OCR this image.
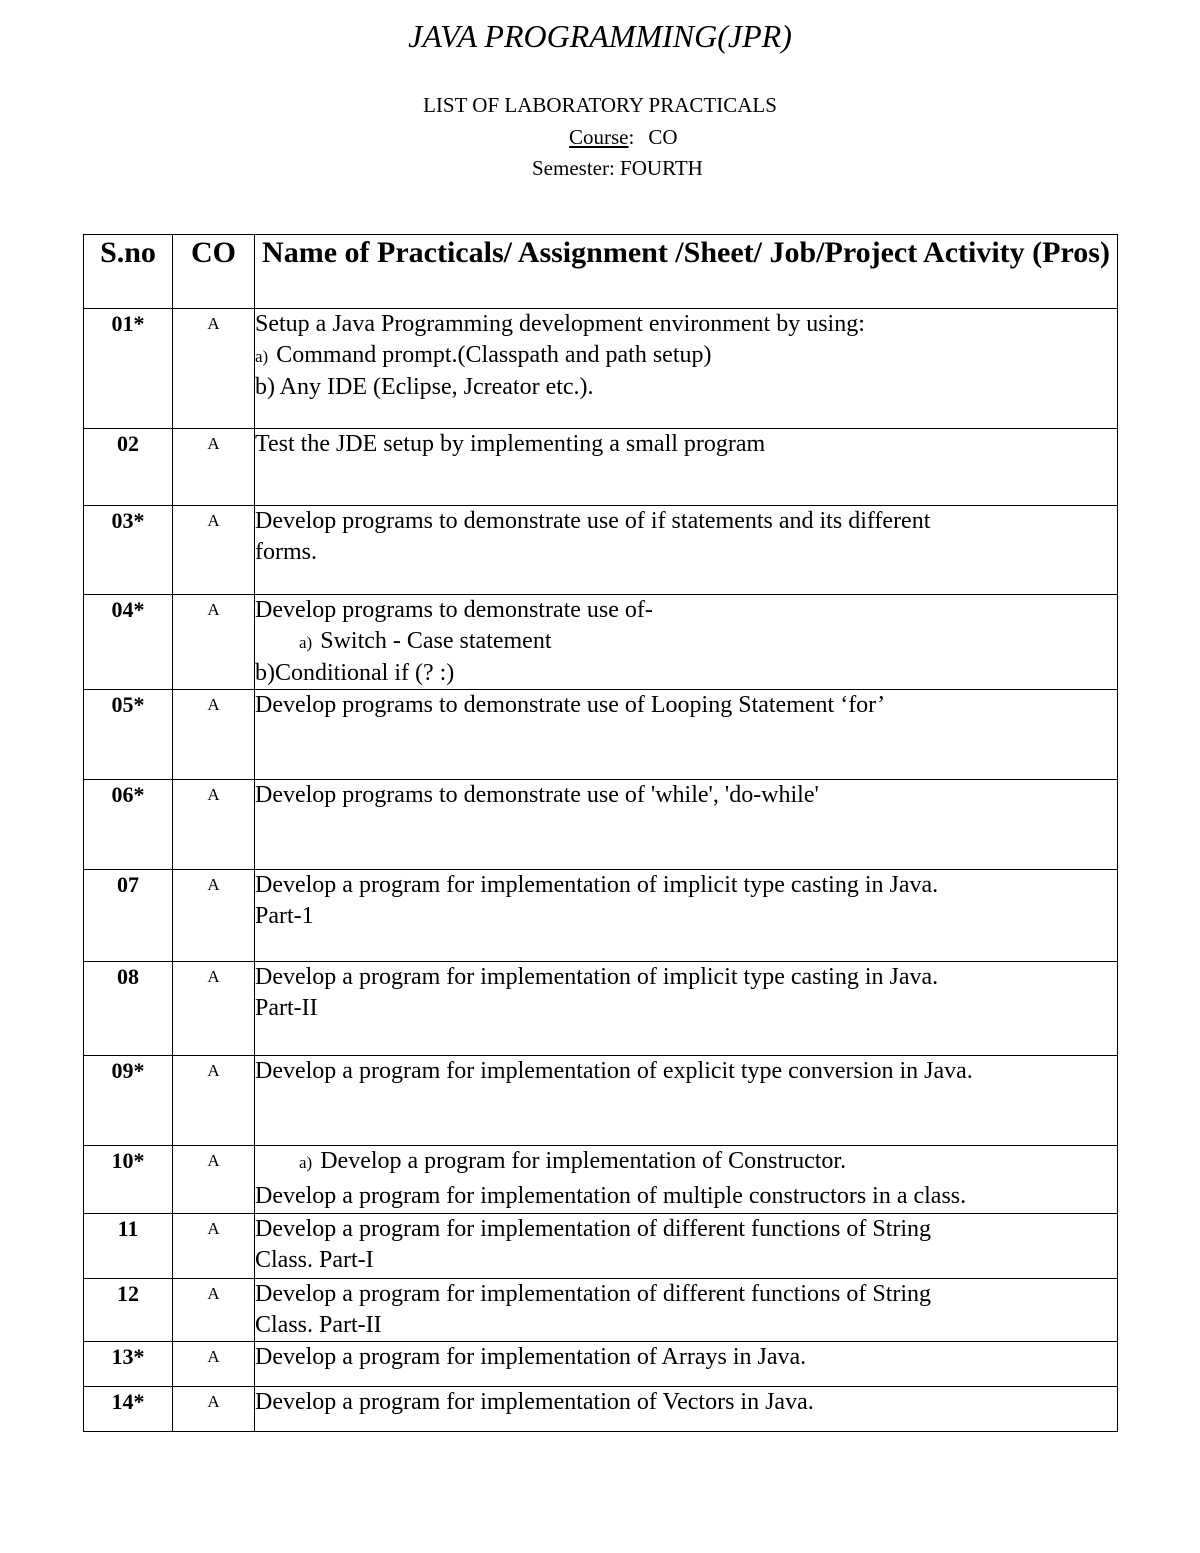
JAVA PROGRAMMING(JPR)
LIST OF LABORATORY PRACTICALS
Course: CO
Semester: FOURTH
S.no	CO	Name of Practicals/ Assignment /Sheet/ Job/Project Activity (Pros)
01*	A	Setup a Java Programming development environment by using:
a) Command prompt.(Classpath and path setup)
b) Any IDE (Eclipse, Jcreator etc.).

02	A	Test the JDE setup by implementing a small program

03*	A	Develop programs to demonstrate use of if statements and its different
forms.

04*	A	Develop programs to demonstrate use of-
a) Switch - Case statement
b)Conditional if (? :)

05*	A	Develop programs to demonstrate use of Looping Statement ‘for’

06*	A	Develop programs to demonstrate use of 'while', 'do-while'

07	A	Develop a program for implementation of implicit type casting in Java.
Part-1

08	A	Develop a program for implementation of implicit type casting in Java.
Part-II

09*	A	Develop a program for implementation of explicit type conversion in Java.

10*	A	a) Develop a program for implementation of Constructor.
Develop a program for implementation of multiple constructors in a class.

11	A	Develop a program for implementation of different functions of String
Class. Part-I

12	A	Develop a program for implementation of different functions of String
Class. Part-II

13*	A	Develop a program for implementation of Arrays in Java.

14*	A	Develop a program for implementation of Vectors in Java.
